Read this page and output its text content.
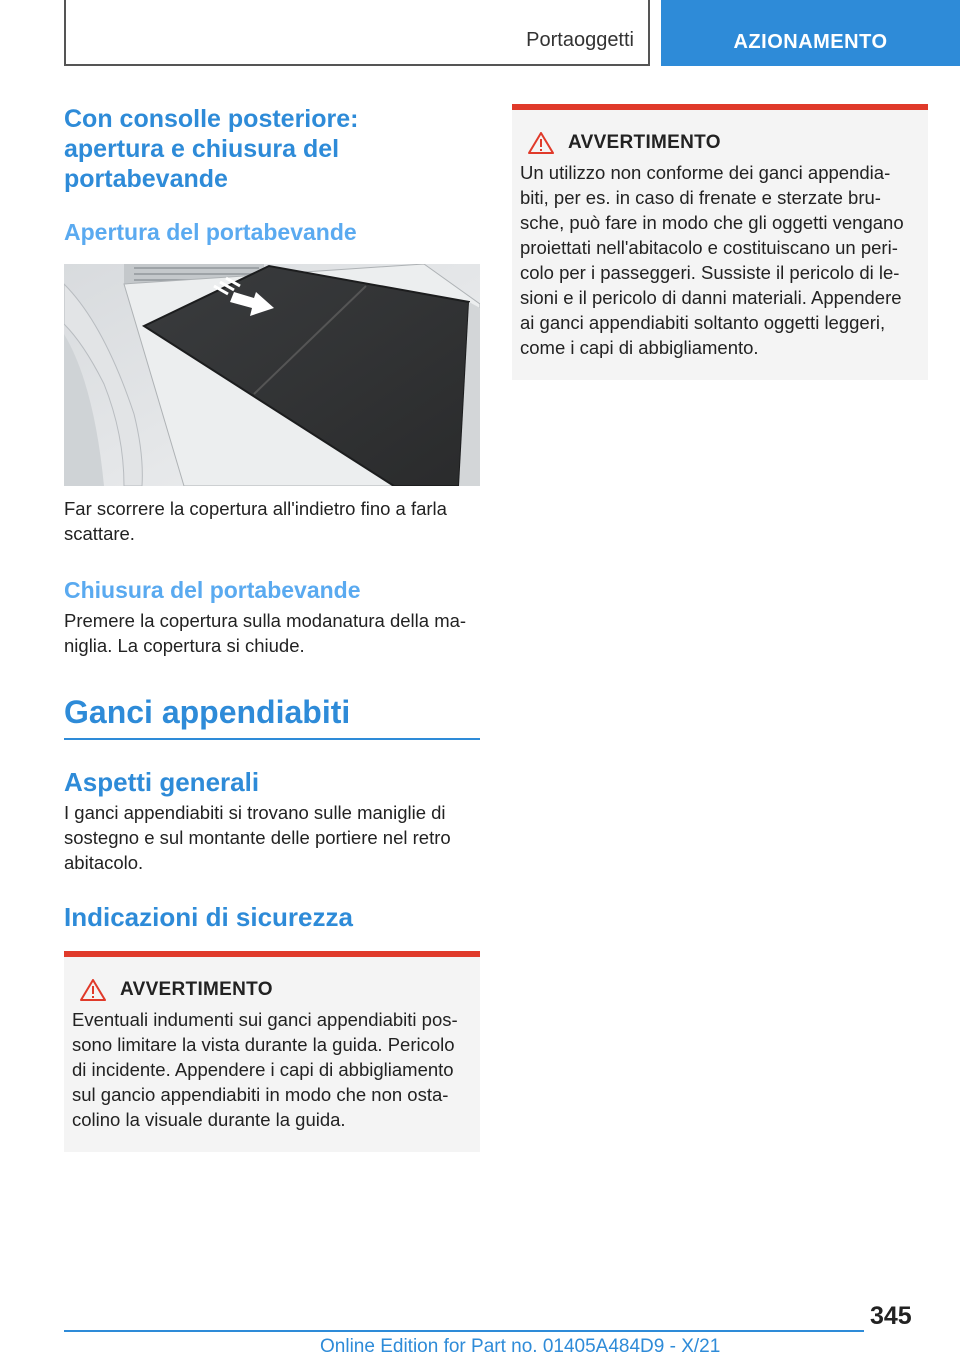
Portaoggetti	AZIONAMENTO
Con consolle posteriore:
apertura e chiusura del
portabevande
Apertura del portabevande
Far scorrere la copertura all'indietro fino a farla
scattare.
Chiusura del portabevande
Premere la copertura sulla modanatura della ma-
niglia. La copertura si chiude.
Ganci appendiabiti
Aspetti generali
I ganci appendiabiti si trovano sulle maniglie di
sostegno e sul montante delle portiere nel retro
abitacolo.
Indicazioni di sicurezza
AVVERTIMENTO
Eventuali indumenti sui ganci appendiabiti pos-
sono limitare la vista durante la guida. Pericolo
di incidente. Appendere i capi di abbigliamento
sul gancio appendiabiti in modo che non osta-
colino la visuale durante la guida.
AVVERTIMENTO
Un utilizzo non conforme dei ganci appendia-
biti, per es. in caso di frenate e sterzate bru-
sche, può fare in modo che gli oggetti vengano
proiettati nell'abitacolo e costituiscano un peri-
colo per i passeggeri. Sussiste il pericolo di le-
sioni e il pericolo di danni materiali. Appendere
ai ganci appendiabiti soltanto oggetti leggeri,
come i capi di abbigliamento.
345
Online Edition for Part no. 01405A484D9 - X/21
